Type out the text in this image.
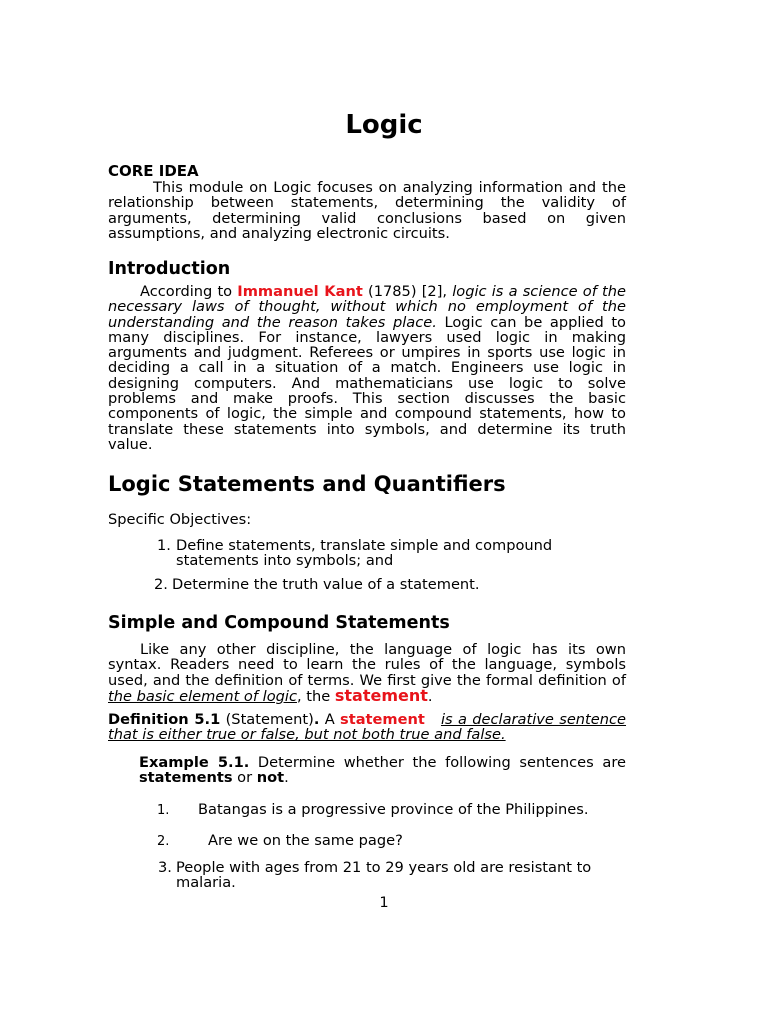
Logic

CORE IDEA

This module on Logic focuses on analyzing information and the relationship between statements, determining the validity of arguments, determining valid conclusions based on given assumptions, and analyzing electronic circuits.

Introduction

According to Immanuel Kant (1785) [2], logic is a science of the necessary laws of thought, without which no employment of the understanding and the reason takes place. Logic can be applied to many disciplines. For instance, lawyers used logic in making arguments and judgment. Referees or umpires in sports use logic in deciding a call in a situation of a match. Engineers use logic in designing computers. And mathematicians use logic to solve problems and make proofs. This section discusses the basic components of logic, the simple and compound statements, how to translate these statements into symbols, and determine its truth value.

Logic Statements and Quantifiers

Specific Objectives:

1. Define statements, translate simple and compound statements into symbols; and
2. Determine the truth value of a statement.
Simple and Compound Statements

Like any other discipline, the language of logic has its own syntax. Readers need to learn the rules of the language, symbols used, and the definition of terms. We first give the formal definition of the basic element of logic, the statement.

Definition 5.1 (Statement). A statement is a declarative sentence that is either true or false, but not both true and false.

Example 5.1. Determine whether the following sentences are statements or not.

1. Batangas is a progressive province of the Philippines.
2.	Are we on the same page?
3. People with ages from 21 to 29 years old are resistant to malaria.
1
